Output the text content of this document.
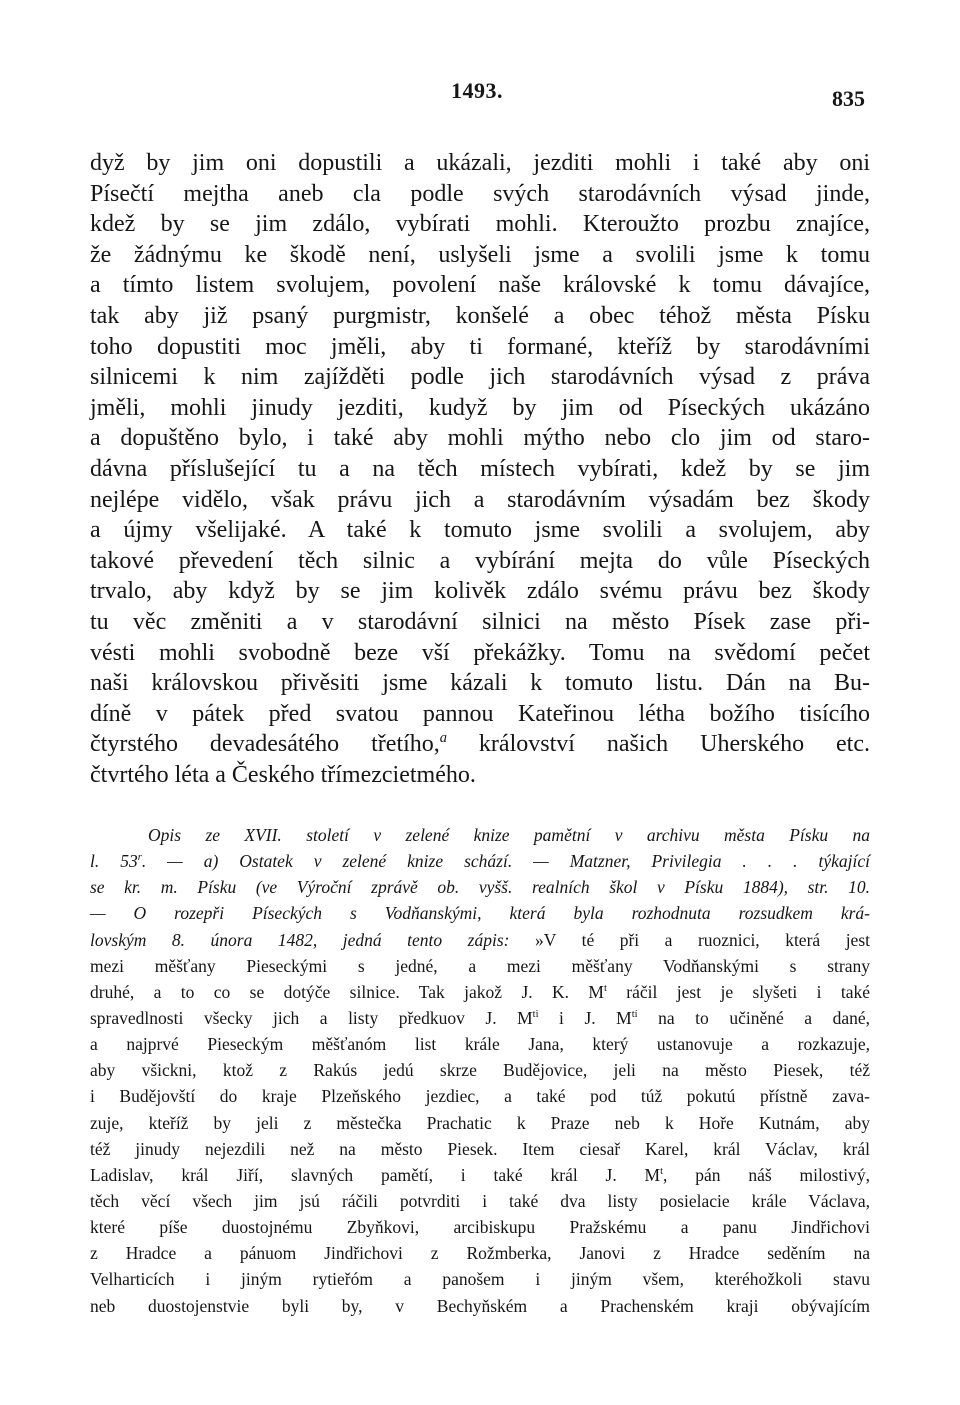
1493.	835
dyž by jim oni dopustili a ukázali, jezditi mohli i také aby oni
Písečtí mejtha aneb cla podle svých starodávních výsad jinde,
kdež by se jim zdálo, vybírati mohli. Kteroužto prozbu znajíce,
že žádnýmu ke škodě není, uslyšeli jsme a svolili jsme k tomu
a tímto listem svolujem, povolení naše královské k tomu dávajíce,
tak aby již psaný purgmistr, konšelé a obec téhož města Písku
toho dopustiti moc jměli, aby ti formané, kteříž by starodávními
silnicemi k nim zajížděti podle jich starodávních výsad z práva
jměli, mohli jinudy jezditi, kudyž by jim od Píseckých ukázáno
a dopuštěno bylo, i také aby mohli mýtho nebo clo jim od staro-
dávna příslušející tu a na těch místech vybírati, kdež by se jim
nejlépe vidělo, však právu jich a starodávním výsadám bez škody
a újmy všelijaké. A také k tomuto jsme svolili a svolujem, aby
takové převedení těch silnic a vybírání mejta do vůle Píseckých
trvalo, aby když by se jim kolivěk zdálo svému právu bez škody
tu věc změniti a v starodávní silnici na město Písek zase při-
vésti mohli svobodně beze vší překážky. Tomu na svědomí pečet
naši královskou přivěsiti jsme kázali k tomuto listu. Dán na Bu-
díně v pátek před svatou pannou Kateřinou létha božího tisícího
čtyrstého devadesátého třetího,$^a$ království našich Uherského etc.
čtvrtého léta a Českého třímezcietmého.
Opis ze XVII. století v zelené knize pamětní v archivu města Písku na
l. 53$^r$. — a) Ostatek v zelené knize schází. — Matzner, Privilegia . . . týkající
se kr. m. Písku (ve Výroční zprávě ob. vyšš. realních škol v Písku 1884), str. 10.
— O rozepři Píseckých s Vodňanskými, která byla rozhodnuta rozsudkem krá-
lovským 8. února 1482, jedná tento zápis: »V té při a ruoznici, která jest
mezi měšťany Pieseckými s jedné, a mezi měšťany Vodňanskými s strany
druhé, a to co se dotýče silnice. Tak jakož J. K. $M^t$ ráčil jest je slyšeti i také
spravedlnosti všecky jich a listy předkuov J. $M^{ti}$ i J. $M^{tí}$ na to učiněné a dané,
a najprvé Pieseckým měšťanóm list krále Jana, který ustanovuje a rozkazuje,
aby všickni, ktož z Rakús jedú skrze Budějovice, jeli na město Piesek, též
i Budějovští do kraje Plzeňského jezdiec, a také pod túž pokutú přístně zava-
zuje, kteříž by jeli z městečka Prachatic k Praze neb k Hoře Kutnám, aby
též jinudy nejezdili než na město Piesek. Item ciesař Karel, král Václav, král
Ladislav, král Jiří, slavných pamětí, i také král J. $M^t$, pán náš milostivý,
těch věcí všech jim jsú ráčili potvrditi i také dva listy posielacie krále Václava,
které píše duostojnému Zbyňkovi, arcibiskupu Pražskému a panu Jindřichovi
z Hradce a pánuom Jindřichovi z Rožmberka, Janovi z Hradce seděním na
Velharticích i jiným rytieřóm a panošem i jiným všem, kteréhožkoli stavu
neb duostojenstvie byli by, v Bechyňském a Prachenském kraji obývajícím
